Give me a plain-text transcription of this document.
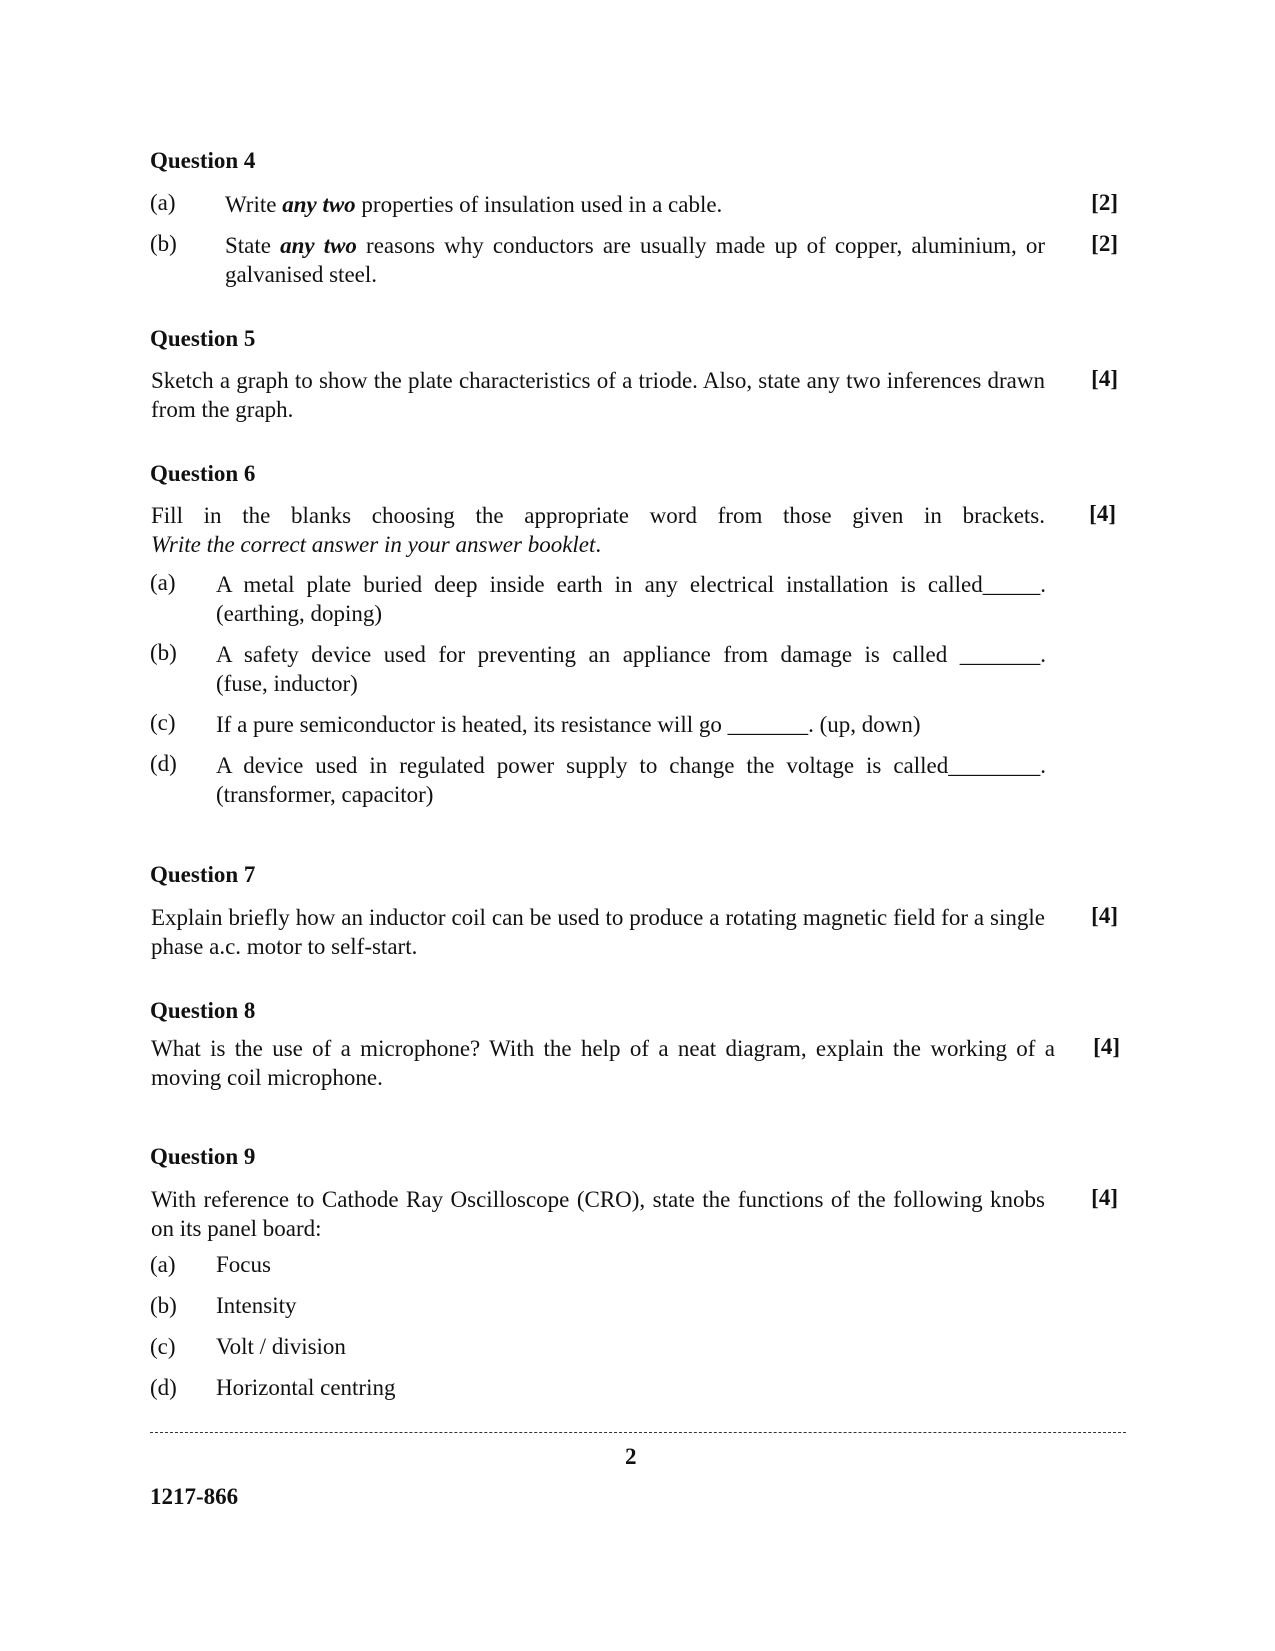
Question 4
(a)	Write any two properties of insulation used in a cable.	[2]
(b)	State any two reasons why conductors are usually made up of copper, aluminium, or galvanised steel.
[2]
Question 5
Sketch a graph to show the plate characteristics of a triode. Also, state any two inferences drawn from the graph.
[4]
Question 6
Fill in the blanks choosing the appropriate word from those given in brackets.
Write the correct answer in your answer booklet.
[4]
(a)	A metal plate buried deep inside earth in any electrical installation is called_____.
(earthing, doping)
(b)	A safety device used for preventing an appliance from damage is called _______.
(fuse, inductor)
(c)	If a pure semiconductor is heated, its resistance will go _______. (up, down)
(d)	A device used in regulated power supply to change the voltage is called________.
(transformer, capacitor)
Question 7
Explain briefly how an inductor coil can be used to produce a rotating magnetic field for a single phase a.c. motor to self-start.
[4]
Question 8
What is the use of a microphone? With the help of a neat diagram, explain the working of a moving coil microphone.
[4]
Question 9
With reference to Cathode Ray Oscilloscope (CRO), state the functions of the following knobs on its panel board:
[4]
(a)	Focus
(b)	Intensity
(c)	Volt / division
(d)	Horizontal centring
2
1217-866
